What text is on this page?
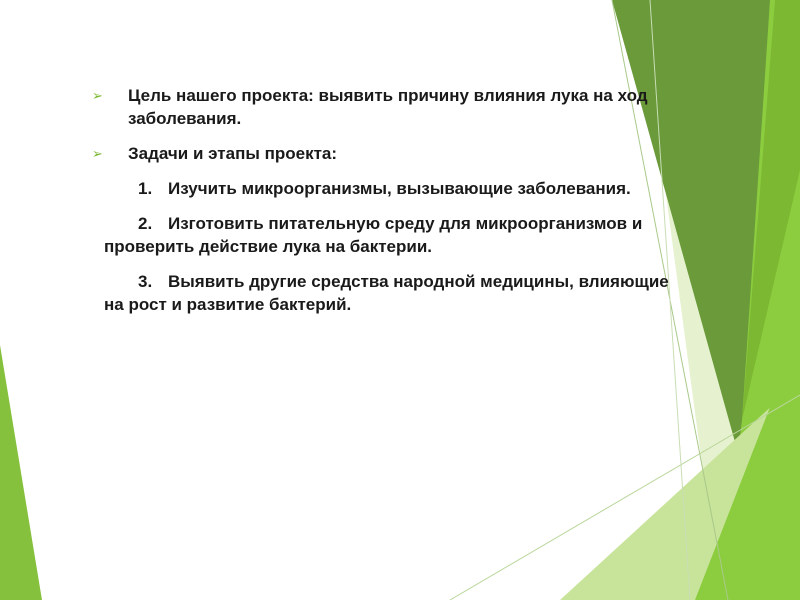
➢ Цель нашего проекта: выявить причину влияния лука на ход заболевания.
➢ Задачи и этапы проекта:
1. Изучить микроорганизмы, вызывающие заболевания.
2. Изготовить питательную среду для микроорганизмов и проверить действие лука на бактерии.
3. Выявить другие средства народной медицины, влияющие на рост и развитие бактерий.
